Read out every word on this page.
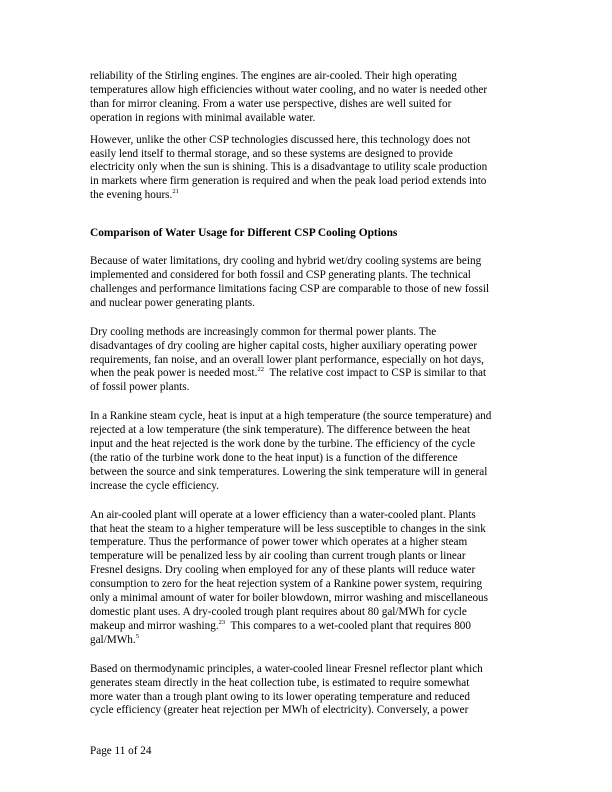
reliability of the Stirling engines. The engines are air-cooled. Their high operating
temperatures allow high efficiencies without water cooling, and no water is needed other
than for mirror cleaning. From a water use perspective, dishes are well suited for
operation in regions with minimal available water.

However, unlike the other CSP technologies discussed here, this technology does not
easily lend itself to thermal storage, and so these systems are designed to provide
electricity only when the sun is shining. This is a disadvantage to utility scale production
in markets where firm generation is required and when the peak load period extends into
the evening hours.$^{21}$

Comparison of Water Usage for Different CSP Cooling Options

Because of water limitations, dry cooling and hybrid wet/dry cooling systems are being
implemented and considered for both fossil and CSP generating plants. The technical
challenges and performance limitations facing CSP are comparable to those of new fossil
and nuclear power generating plants.

Dry cooling methods are increasingly common for thermal power plants. The
disadvantages of dry cooling are higher capital costs, higher auxiliary operating power
requirements, fan noise, and an overall lower plant performance, especially on hot days,
when the peak power is needed most.$^{22}$  The relative cost impact to CSP is similar to that
of fossil power plants.

In a Rankine steam cycle, heat is input at a high temperature (the source temperature) and
rejected at a low temperature (the sink temperature). The difference between the heat
input and the heat rejected is the work done by the turbine. The efficiency of the cycle
(the ratio of the turbine work done to the heat input) is a function of the difference
between the source and sink temperatures. Lowering the sink temperature will in general
increase the cycle efficiency.

An air-cooled plant will operate at a lower efficiency than a water-cooled plant. Plants
that heat the steam to a higher temperature will be less susceptible to changes in the sink
temperature. Thus the performance of power tower which operates at a higher steam
temperature will be penalized less by air cooling than current trough plants or linear
Fresnel designs. Dry cooling when employed for any of these plants will reduce water
consumption to zero for the heat rejection system of a Rankine power system, requiring
only a minimal amount of water for boiler blowdown, mirror washing and miscellaneous
domestic plant uses. A dry-cooled trough plant requires about 80 gal/MWh for cycle
makeup and mirror washing.$^{23}$  This compares to a wet-cooled plant that requires 800
gal/MWh.$^5$

Based on thermodynamic principles, a water-cooled linear Fresnel reflector plant which
generates steam directly in the heat collection tube, is estimated to require somewhat
more water than a trough plant owing to its lower operating temperature and reduced
cycle efficiency (greater heat rejection per MWh of electricity). Conversely, a power

Page 11 of 24
